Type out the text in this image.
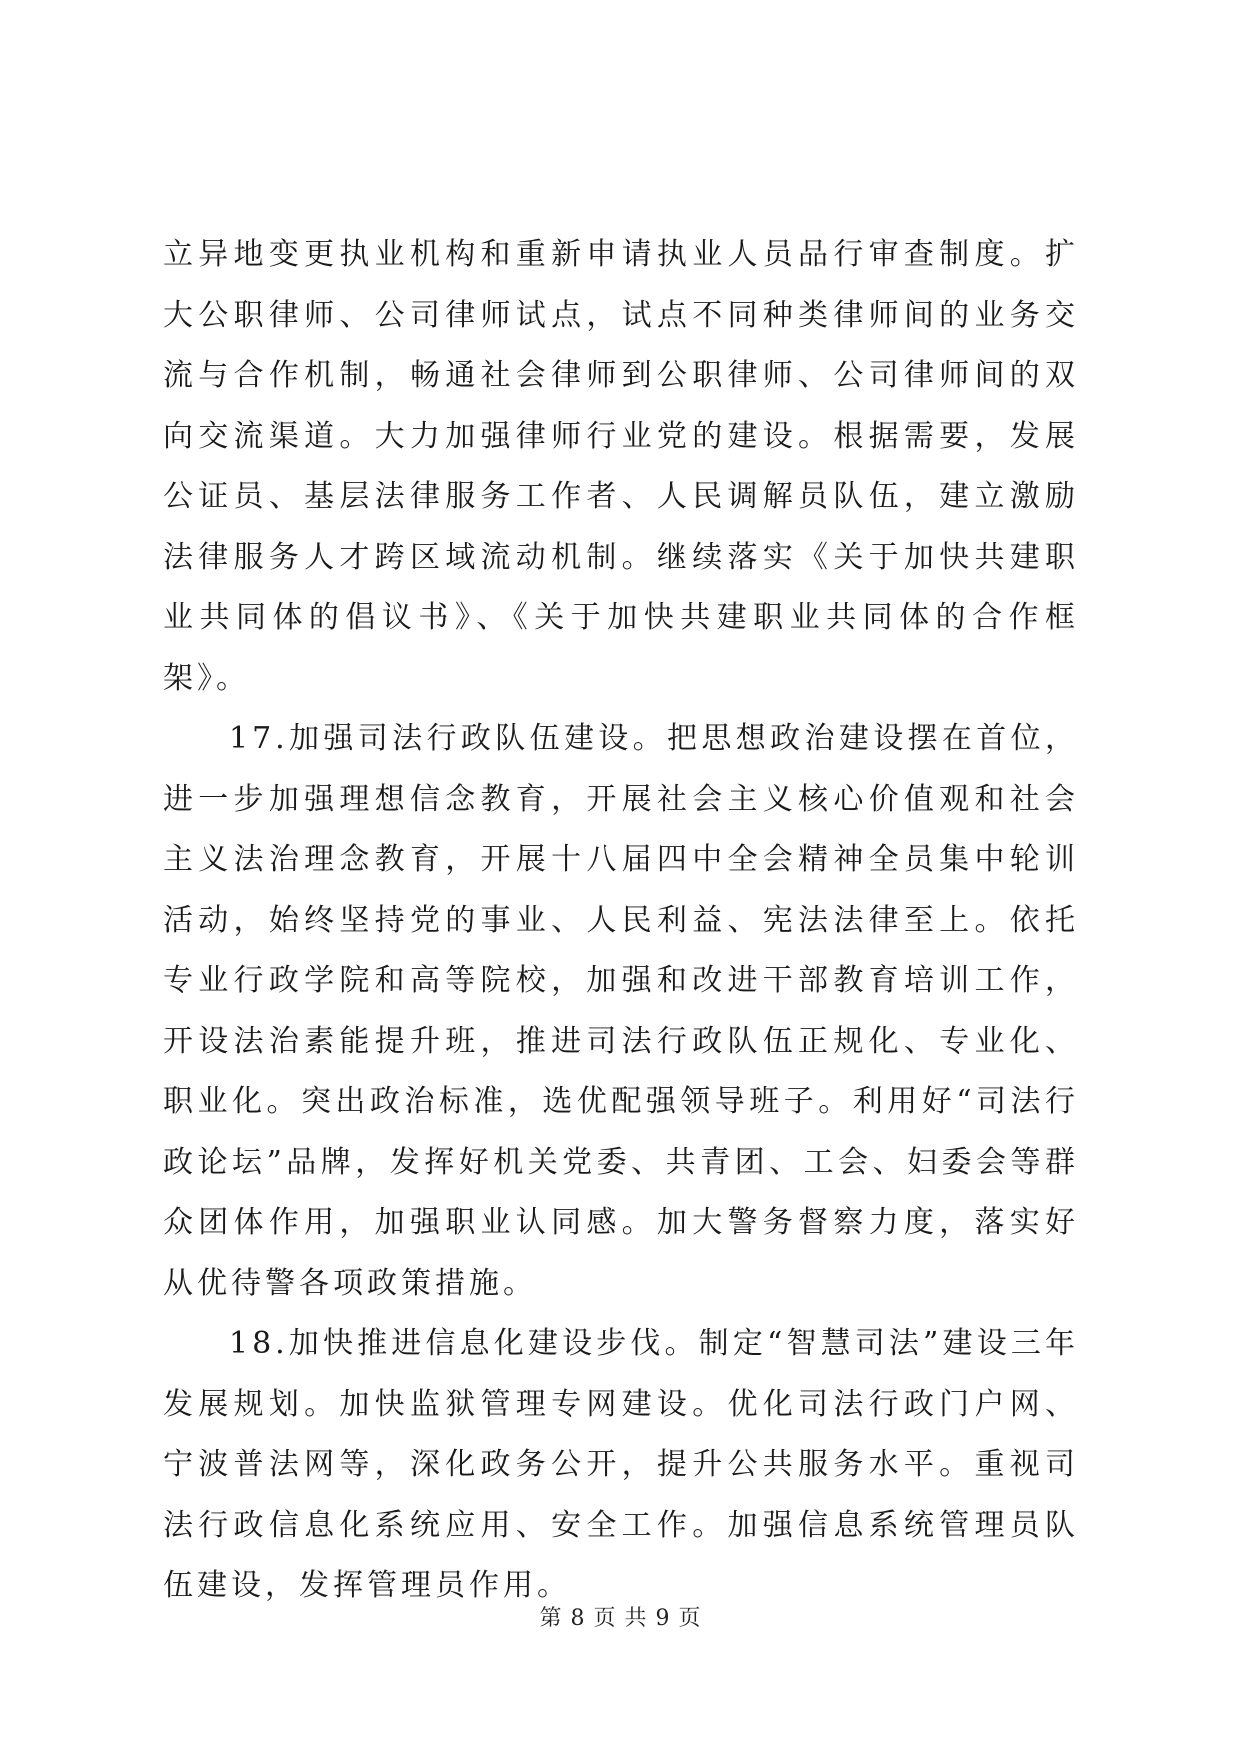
立异地变更执业机构和重新申请执业人员品行审查制度。扩大公职律师、公司律师试点，试点不同种类律师间的业务交流与合作机制，畅通社会律师到公职律师、公司律师间的双向交流渠道。大力加强律师行业党的建设。根据需要，发展公证员、基层法律服务工作者、人民调解员队伍，建立激励法律服务人才跨区域流动机制。继续落实《关于加快共建职业共同体的倡议书》、《关于加快共建职业共同体的合作框架》。

17.加强司法行政队伍建设。把思想政治建设摆在首位，进一步加强理想信念教育，开展社会主义核心价值观和社会主义法治理念教育，开展十八届四中全会精神全员集中轮训活动，始终坚持党的事业、人民利益、宪法法律至上。依托专业行政学院和高等院校，加强和改进干部教育培训工作，开设法治素能提升班，推进司法行政队伍正规化、专业化、职业化。突出政治标准，选优配强领导班子。利用好“司法行政论坛”品牌，发挥好机关党委、共青团、工会、妇委会等群众团体作用，加强职业认同感。加大警务督察力度，落实好从优待警各项政策措施。

18.加快推进信息化建设步伐。制定“智慧司法”建设三年发展规划。加快监狱管理专网建设。优化司法行政门户网、宁波普法网等，深化政务公开，提升公共服务水平。重视司法行政信息化系统应用、安全工作。加强信息系统管理员队伍建设，发挥管理员作用。

第 8 页 共 9 页
